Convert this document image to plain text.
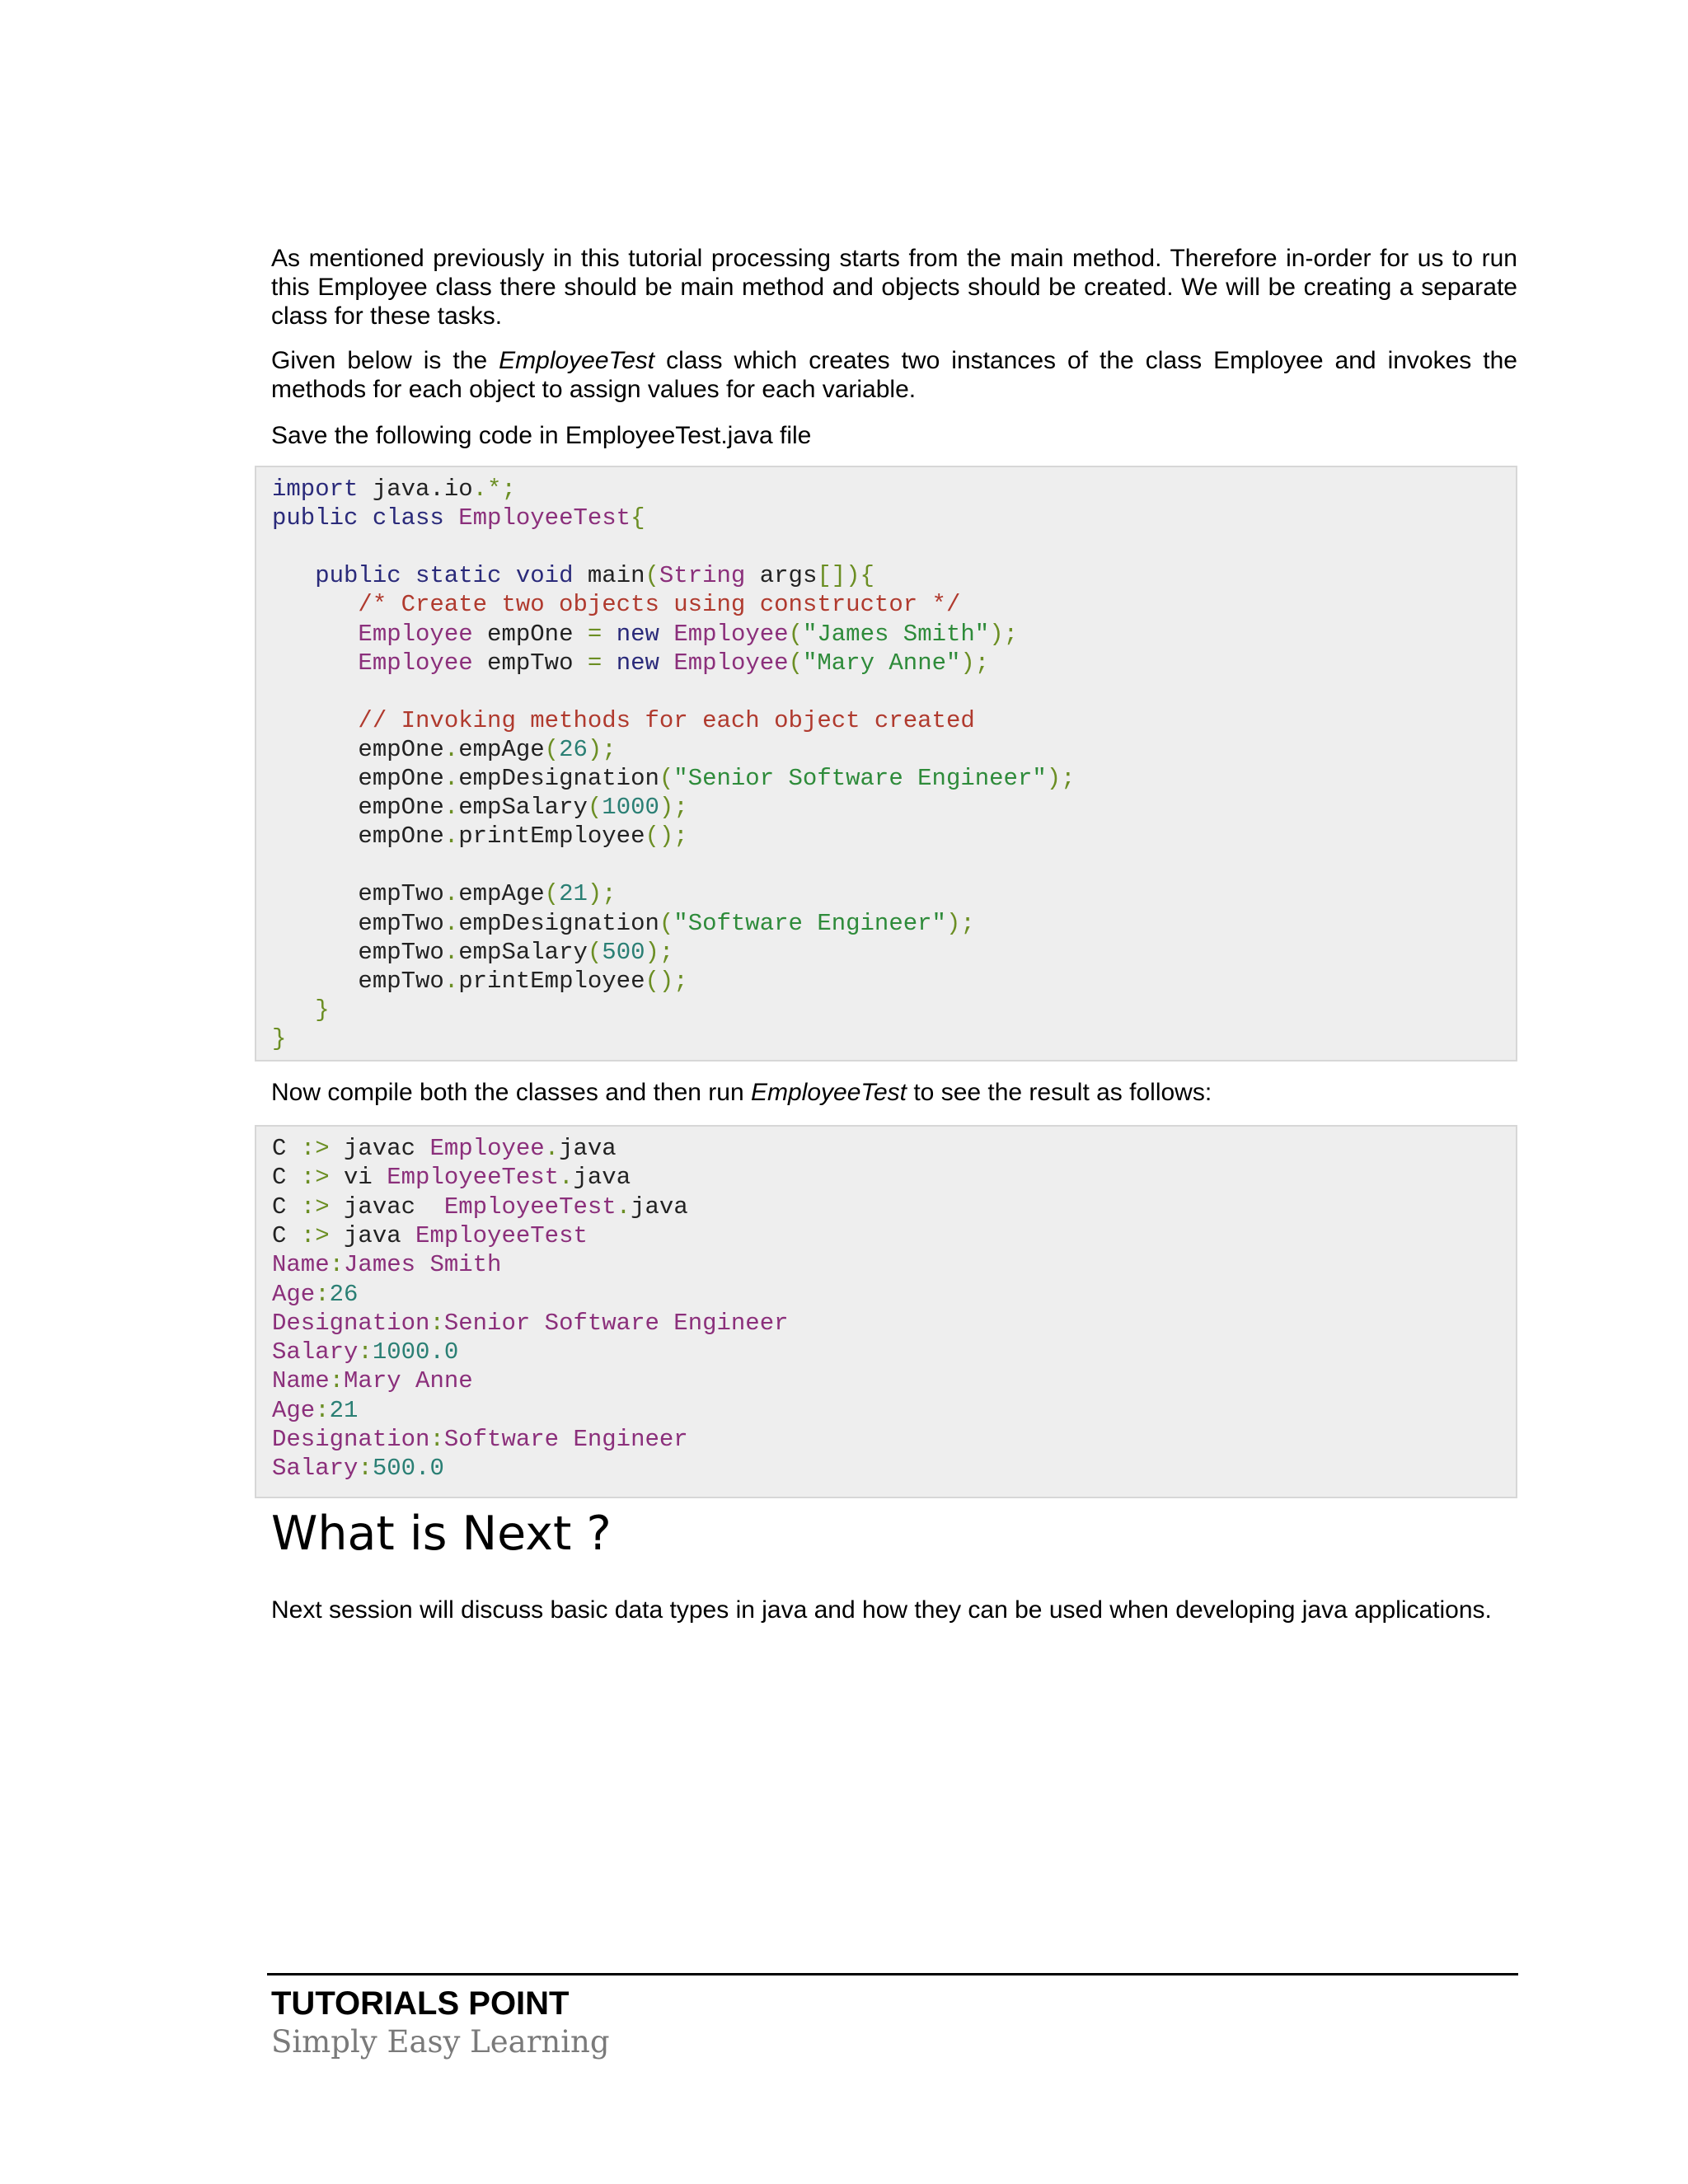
As mentioned previously in this tutorial processing starts from the main method. Therefore in-order for us to run this Employee class there should be main method and objects should be created. We will be creating a separate class for these tasks.

Given below is the EmployeeTest class which creates two instances of the class Employee and invokes the methods for each object to assign values for each variable.

Save the following code in EmployeeTest.java file

import java.io.*;
public class EmployeeTest{
public static void main(String args[]){
/* Create two objects using constructor */
Employee empOne = new Employee("James Smith");
Employee empTwo = new Employee("Mary Anne");
// Invoking methods for each object created
empOne.empAge(26);
empOne.empDesignation("Senior Software Engineer");
empOne.empSalary(1000);
empOne.printEmployee();
empTwo.empAge(21);
empTwo.empDesignation("Software Engineer");
empTwo.empSalary(500);
empTwo.printEmployee();
}
}

Now compile both the classes and then run EmployeeTest to see the result as follows:

C :> javac Employee.java
C :> vi EmployeeTest.java
C :> javac  EmployeeTest.java
C :> java EmployeeTest
Name:James Smith
Age:26
Designation:Senior Software Engineer
Salary:1000.0
Name:Mary Anne
Age:21
Designation:Software Engineer
Salary:500.0
What is Next ?

Next session will discuss basic data types in java and how they can be used when developing java applications.

TUTORIALS POINT
Simply Easy Learning
